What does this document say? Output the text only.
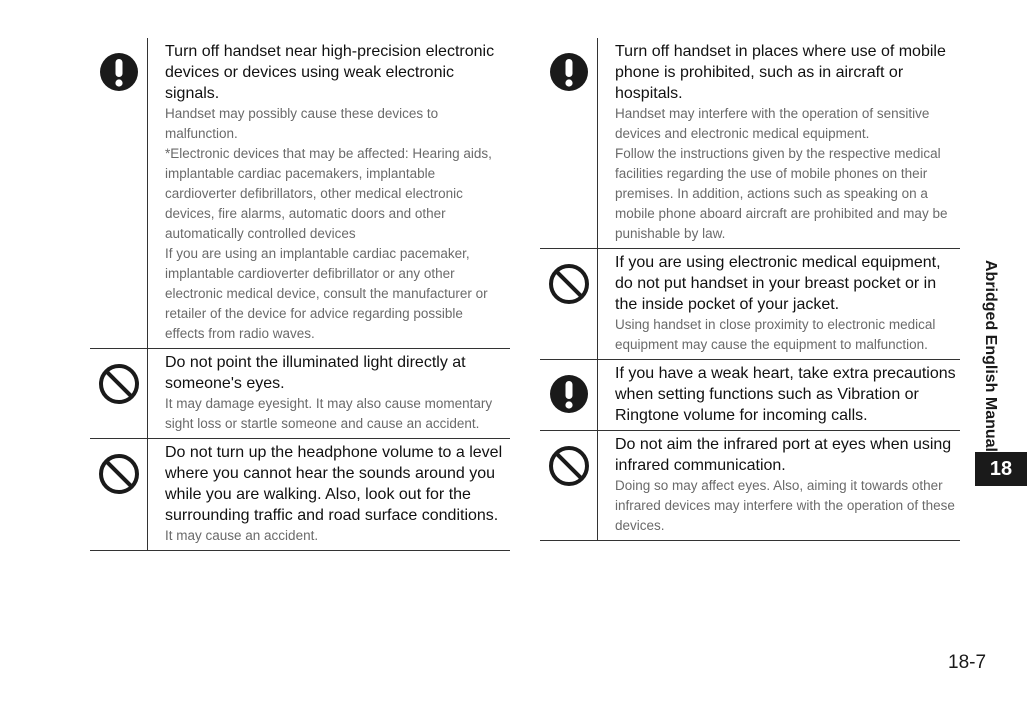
Turn off handset near high-precision electronic devices or devices using weak electronic signals.

Handset may possibly cause these devices to malfunction.
*Electronic devices that may be affected: Hearing aids, implantable cardiac pacemakers, implantable cardioverter defibrillators, other medical electronic devices, fire alarms, automatic doors and other automatically controlled devices
If you are using an implantable cardiac pacemaker, implantable cardioverter defibrillator or any other electronic medical device, consult the manufacturer or retailer of the device for advice regarding possible effects from radio waves.

Do not point the illuminated light directly at someone's eyes.

It may damage eyesight. It may also cause momentary sight loss or startle someone and cause an accident.

Do not turn up the headphone volume to a level where you cannot hear the sounds around you while you are walking. Also, look out for the surrounding traffic and road surface conditions.

It may cause an accident.

Turn off handset in places where use of mobile phone is prohibited, such as in aircraft or hospitals.

Handset may interfere with the operation of sensitive devices and electronic medical equipment.
Follow the instructions given by the respective medical facilities regarding the use of mobile phones on their premises. In addition, actions such as speaking on a mobile phone aboard aircraft are prohibited and may be punishable by law.

If you are using electronic medical equipment, do not put handset in your breast pocket or in the inside pocket of your jacket.

Using handset in close proximity to electronic medical equipment may cause the equipment to malfunction.

If you have a weak heart, take extra precautions when setting functions such as Vibration or Ringtone volume for incoming calls.

Do not aim the infrared port at eyes when using infrared communication.

Doing so may affect eyes. Also, aiming it towards other infrared devices may interfere with the operation of these devices.

Abridged English Manual
18
18-7
